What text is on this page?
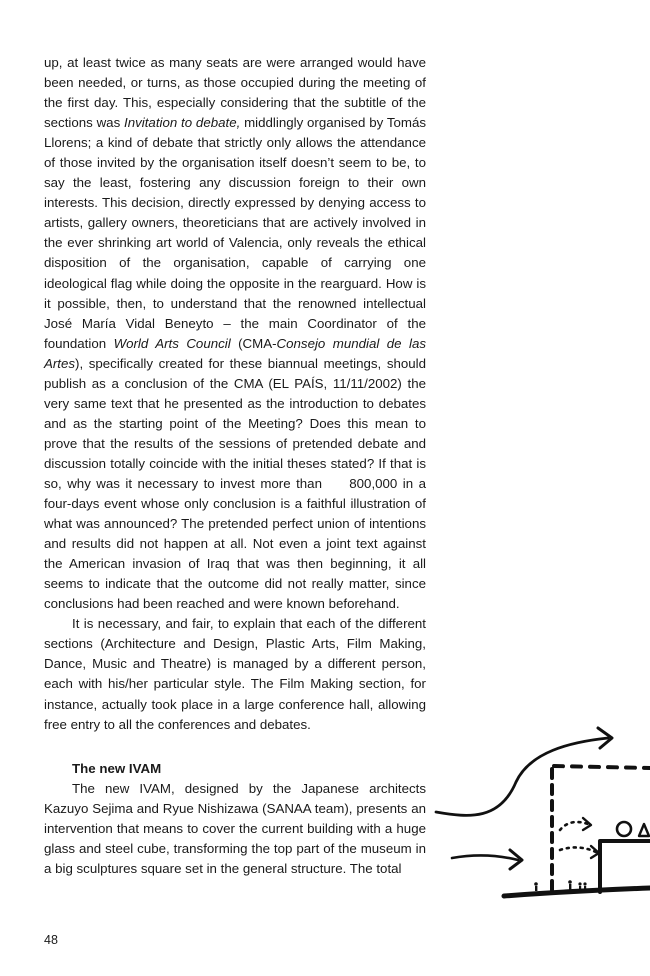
up, at least twice as many seats are were arranged would have been needed, or turns, as those occupied during the meeting of the first day. This, especially considering that the subtitle of the sections was Invitation to debate, middlingly organised by Tomás Llorens; a kind of debate that strictly only allows the attendance of those invited by the organisation itself doesn’t seem to be, to say the least, fostering any discussion foreign to their own interests. This decision, directly expressed by denying access to artists, gallery owners, theoreticians that are actively involved in the ever shrinking art world of Valencia, only reveals the ethical disposition of the organisation, capable of carrying one ideological flag while doing the opposite in the rearguard. How is it possible, then, to understand that the renowned intellectual José María Vidal Beneyto – the main Coordinator of the foundation World Arts Council (CMA-Consejo mundial de las Artes), specifically created for these biannual meetings, should publish as a conclusion of the CMA (EL PAÍS, 11/11/2002) the very same text that he presented as the introduction to debates and as the starting point of the Meeting? Does this mean to prove that the results of the sessions of pretended debate and discussion totally coincide with the initial theses stated? If that is so, why was it necessary to invest more than     800,000 in a four-days event whose only conclusion is a faithful illustration of what was announced? The pretended perfect union of intentions and results did not happen at all. Not even a joint text against the American invasion of Iraq that was then beginning, it all seems to indicate that the outcome did not really matter, since conclusions had been reached and were known beforehand.

It is necessary, and fair, to explain that each of the different sections (Architecture and Design, Plastic Arts, Film Making, Dance, Music and Theatre) is managed by a different person, each with his/her particular style. The Film Making section, for instance, actually took place in a large conference hall, allowing free entry to all the conferences and debates.

The new IVAM

The new IVAM, designed by the Japanese architects Kazuyo Sejima and Ryue Nishizawa (SANAA team), presents an intervention that means to cover the current building with a huge glass and steel cube, transforming the top part of the museum in a big sculptures square set in the general structure. The total

48
